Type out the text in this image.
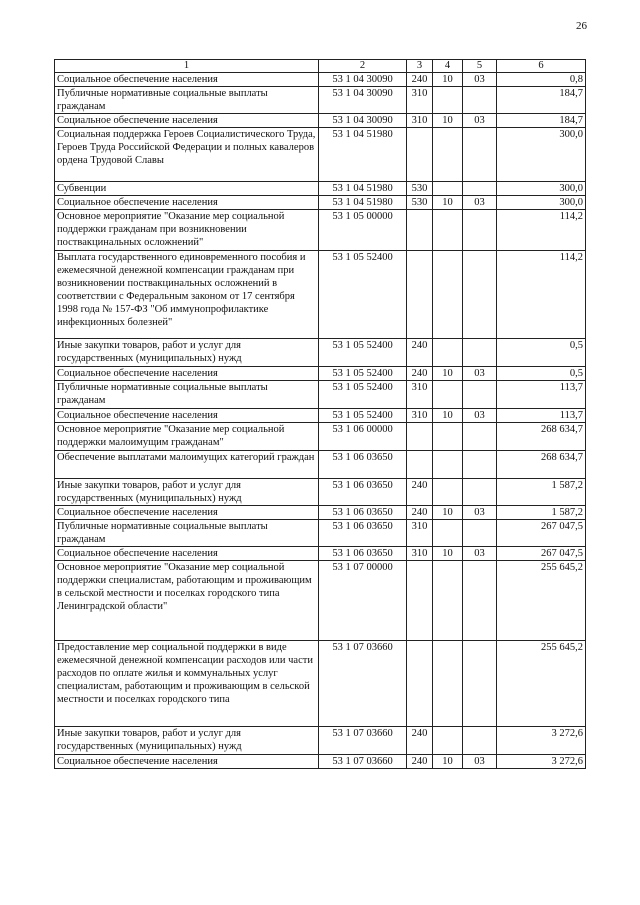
26
1	2	3	4	5	6
Социальное обеспечение населения	53 1 04 30090	240	10	03	0,8
Публичные нормативные социальные выплаты гражданам	53 1 04 30090	310			184,7
Социальное обеспечение населения	53 1 04 30090	310	10	03	184,7
Социальная поддержка Героев Социалистического Труда, Героев Труда Российской Федерации и полных кавалеров ордена Трудовой Славы	53 1 04 51980				300,0
Субвенции	53 1 04 51980	530			300,0
Социальное обеспечение населения	53 1 04 51980	530	10	03	300,0
Основное мероприятие "Оказание мер социальной поддержки гражданам при возникновении поствакцинальных осложнений"	53 1 05 00000				114,2
Выплата государственного единовременного пособия и ежемесячной денежной компенсации гражданам при возникновении поствакцинальных осложнений в соответствии с Федеральным законом от 17 сентября 1998 года № 157-ФЗ "Об иммунопрофилактике инфекционных болезней"	53 1 05 52400				114,2
Иные закупки товаров, работ и услуг для государственных (муниципальных) нужд	53 1 05 52400	240			0,5
Социальное обеспечение населения	53 1 05 52400	240	10	03	0,5
Публичные нормативные социальные выплаты гражданам	53 1 05 52400	310			113,7
Социальное обеспечение населения	53 1 05 52400	310	10	03	113,7
Основное мероприятие "Оказание мер социальной поддержки малоимущим гражданам"	53 1 06 00000				268 634,7
Обеспечение выплатами малоимущих категорий граждан	53 1 06 03650				268 634,7
Иные закупки товаров, работ и услуг для государственных (муниципальных) нужд	53 1 06 03650	240			1 587,2
Социальное обеспечение населения	53 1 06 03650	240	10	03	1 587,2
Публичные нормативные социальные выплаты гражданам	53 1 06 03650	310			267 047,5
Социальное обеспечение населения	53 1 06 03650	310	10	03	267 047,5
Основное мероприятие "Оказание мер социальной поддержки специалистам, работающим и проживающим в сельской местности и поселках городского типа Ленинградской области"	53 1 07 00000				255 645,2
Предоставление мер социальной поддержки в виде ежемесячной денежной компенсации расходов или части расходов по оплате жилья и коммунальных услуг специалистам, работающим и проживающим в сельской местности и поселках городского типа	53 1 07 03660				255 645,2
Иные закупки товаров, работ и услуг для государственных (муниципальных) нужд	53 1 07 03660	240			3 272,6
Социальное обеспечение населения	53 1 07 03660	240	10	03	3 272,6
